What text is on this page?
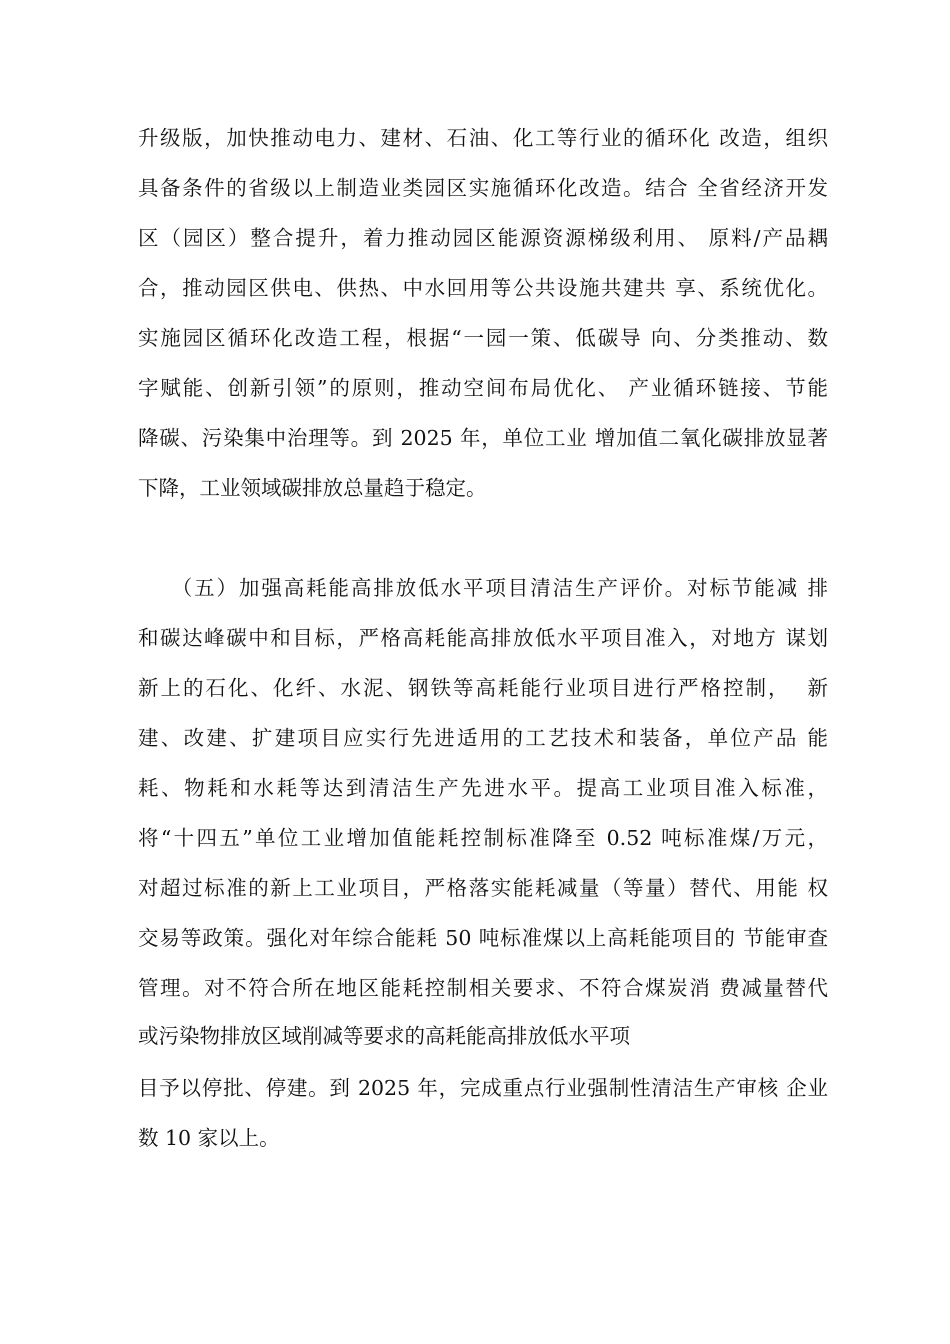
升级版，加快推动电力、建材、石油、化工等行业的循环化 改造，组织
具备条件的省级以上制造业类园区实施循环化改造。结合 全省经济开发
区（园区）整合提升，着力推动园区能源资源梯级利用、 原料/产品耦
合，推动园区供电、供热、中水回用等公共设施共建共 享、系统优化。
实施园区循环化改造工程，根据“一园一策、低碳导 向、分类推动、数
字赋能、创新引领”的原则，推动空间布局优化、 产业循环链接、节能
降碳、污染集中治理等。到 2025 年，单位工业 增加值二氧化碳排放显著
下降，工业领域碳排放总量趋于稳定。
（五）加强高耗能高排放低水平项目清洁生产评价。对标节能减 排
和碳达峰碳中和目标，严格高耗能高排放低水平项目准入，对地方 谋划
新上的石化、化纤、水泥、钢铁等高耗能行业项目进行严格控制，  新
建、改建、扩建项目应实行先进适用的工艺技术和装备，单位产品 能
耗、物耗和水耗等达到清洁生产先进水平。提高工业项目准入标准，
将“十四五”单位工业增加值能耗控制标准降至 0.52 吨标准煤/万元，
对超过标准的新上工业项目，严格落实能耗减量（等量）替代、用能 权
交易等政策。强化对年综合能耗 50 吨标准煤以上高耗能项目的 节能审查
管理。对不符合所在地区能耗控制相关要求、不符合煤炭消 费减量替代
或污染物排放区域削减等要求的高耗能高排放低水平项
目予以停批、停建。到 2025 年，完成重点行业强制性清洁生产审核 企业
数 10 家以上。
